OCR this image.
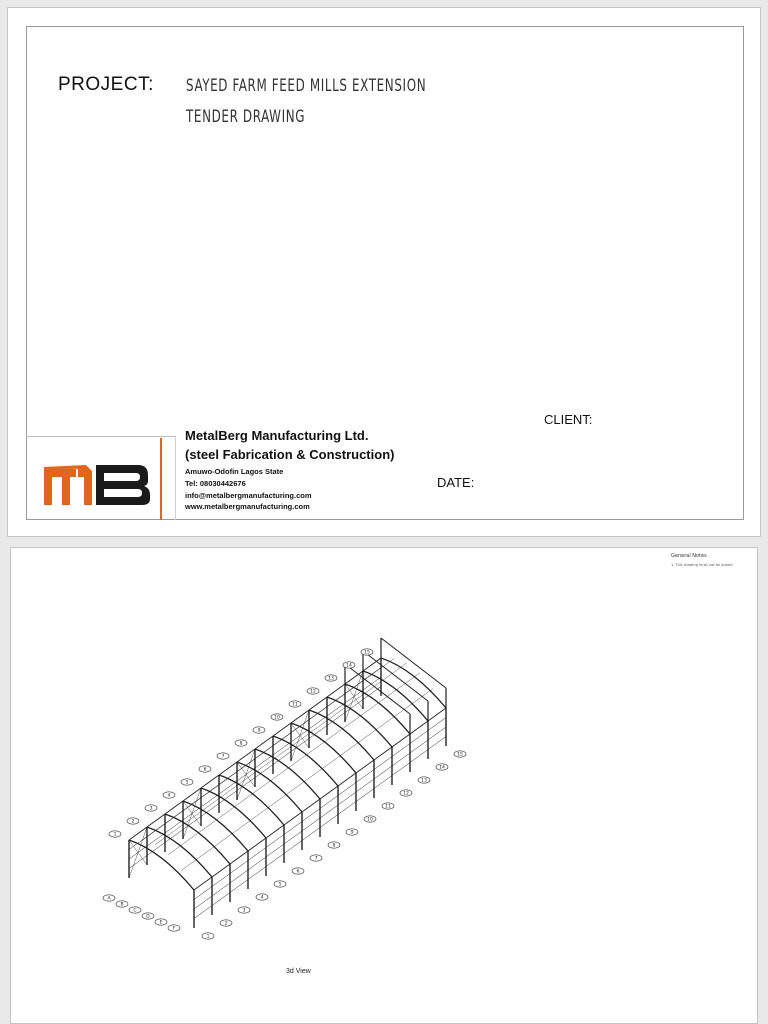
PROJECT: SAYED FARM FEED MILLS EXTENSION
TENDER DRAWING
CLIENT:
DATE:
MetalBerg Manufacturing Ltd.
(steel Fabrication & Construction)
Amuwo-Odofin Lagos State
Tel: 08030442676
info@metalbergmanufacturing.com
www.metalbergmanufacturing.com
General Notes
1. This drawing must not be scaled
1
1
2
2
3
3
4
4
5
5
6
6
7
7
8
8
9
9
10
10
11
11
12
12
13
13
14
14
15
15
A
B
C
D
E
F
3d View
